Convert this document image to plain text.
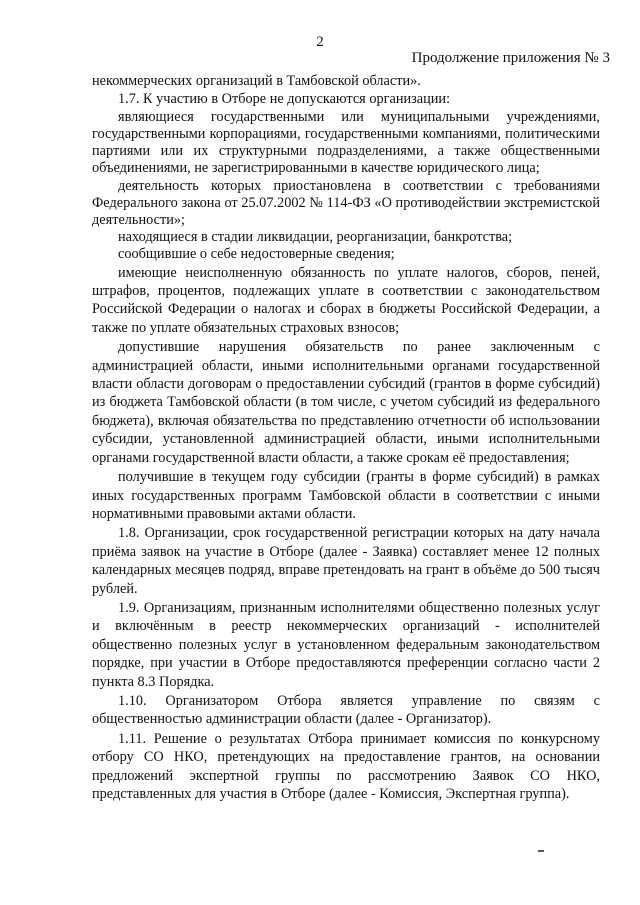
2
Продолжение приложения № 3

некоммерческих организаций в Тамбовской области».

1.7. К участию в Отборе не допускаются организации:

являющиеся государственными или муниципальными учреждениями, государственными корпорациями, государственными компаниями, политическими партиями или их структурными подразделениями, а также общественными объединениями, не зарегистрированными в качестве юридического лица;

деятельность которых приостановлена в соответствии с требованиями Федерального закона от 25.07.2002 № 114-ФЗ «О противодействии экстремистской деятельности»;

находящиеся в стадии ликвидации, реорганизации, банкротства;

сообщившие о себе недостоверные сведения;

имеющие неисполненную обязанность по уплате налогов, сборов, пеней, штрафов, процентов, подлежащих уплате в соответствии с законодательством Российской Федерации о налогах и сборах в бюджеты Российской Федерации, а также по уплате обязательных страховых взносов;

допустившие нарушения обязательств по ранее заключенным с администрацией области, иными исполнительными органами государственной власти области договорам о предоставлении субсидий (грантов в форме субсидий) из бюджета Тамбовской области (в том числе, с учетом субсидий из федерального бюджета), включая обязательства по представлению отчетности об использовании субсидии, установленной администрацией области, иными исполнительными органами государственной власти области, а также срокам её предоставления;

получившие в текущем году субсидии (гранты в форме субсидий) в рамках иных государственных программ Тамбовской области в соответствии с иными нормативными правовыми актами области.

1.8. Организации, срок государственной регистрации которых на дату начала приёма заявок на участие в Отборе (далее - Заявка) составляет менее 12 полных календарных месяцев подряд, вправе претендовать на грант в объёме до 500 тысяч рублей.

1.9. Организациям, признанным исполнителями общественно полезных услуг и включённым в реестр некоммерческих организаций - исполнителей общественно полезных услуг в установленном федеральным законодательством порядке, при участии в Отборе предоставляются преференции согласно части 2 пункта 8.3 Порядка.

1.10. Организатором Отбора является управление по связям с общественностью администрации области (далее - Организатор).

1.11. Решение о результатах Отбора принимает комиссия по конкурсному отбору СО НКО, претендующих на предоставление грантов, на основании предложений экспертной группы по рассмотрению Заявок СО НКО, представленных для участия в Отборе (далее - Комиссия, Экспертная группа).
